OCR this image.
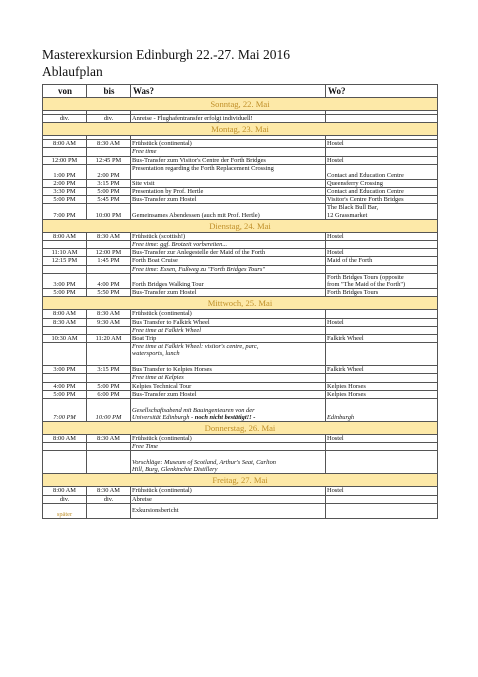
Masterexkursion Edinburgh 22.-27. Mai 2016
Ablaufplan
von	bis	Was?	Wo?
Sonntag, 22. Mai			

div.	div.	Anreise - Flughafentransfer erfolgt individuell!	
Montag, 23. Mai			

8:00 AM	8:30 AM	Frühstück (continental)	Hostel
		Free time	
12:00 PM	12:45 PM	Bus-Transfer zum Visitor's Centre der Forth Bridges	Hostel
1:00 PM	2:00 PM	Presentation regarding the Forth Replacement Crossing	Contact and Education Centre
2:00 PM	3:15 PM	Site visit	Queensferry Crossing
3:30 PM	5:00 PM	Presentation by Prof. Hertle	Contact and Education Centre
5:00 PM	5:45 PM	Bus-Transfer zum Hostel	Visitor's Centre Forth Bridges
7:00 PM	10:00 PM	Gemeinsames Abendessen (auch mit Prof. Hertle)	The Black Bull Bar,
12 Grassmarket

Dienstag, 24. Mai			
8:00 AM	8:30 AM	Frühstück (scottish!)	Hostel
		Free time: ggf. Brotzeit vorbereiten...	
11:10 AM	12:00 PM	Bus-Transfer zur Anlegestelle der Maid of the Forth	Hostel
12:15 PM	1:45 PM	Forth Boat Cruise	Maid of the Forth
		Free time: Essen, Fußweg zu "Forth Bridges Tours"	
3:00 PM	4:00 PM	Forth Bridges Walking Tour	Forth Bridges Tours (opposite
from "The Maid of the Forth")

5:00 PM	5:50 PM	Bus-Transfer zum Hostel	Forth Bridges Tours
Mittwoch, 25. Mai			
8:00 AM	8:30 AM	Frühstück (continental)	
8:30 AM	9:30 AM	Bus Transfer to Falkirk Wheel	Hostel
		Free time at Falkirk Wheel	
10:30 AM	11:20 AM	Boat Trip	Falkirk Wheel

		Free time at Falkirk Wheel: visitor's centre, parc,
watersports, lunch	

3:00 PM	3:15 PM	Bus Transfer to Kelpies Horses	Falkirk Wheel
		Free time at Kelpies	
4:00 PM	5:00 PM	Kelpies Technical Tour	Kelpies Horses
5:00 PM	6:00 PM	Bus-Transfer zum Hostel	Kelpies Horses
7:00 PM	10:00 PM	Gesellschaftsabend mit Bauingenieuren von der
Universität Edinburgh - noch nicht bestätigt!! -	Edinburgh
Donnerstag, 26. Mai			
8:00 AM	8:30 AM	Frühstück (continental)	Hostel
		Free Time	

		Vorschläge: Museum of Scotland, Arthur's Seat, Carlton
Hill, Burg, Glenkinchie Distillery	

Freitag, 27. Mai			
8:00 AM	8:30 AM	Frühstück (continental)	Hostel
div.	div.	Abreise	
später		Exkursionsbericht	
